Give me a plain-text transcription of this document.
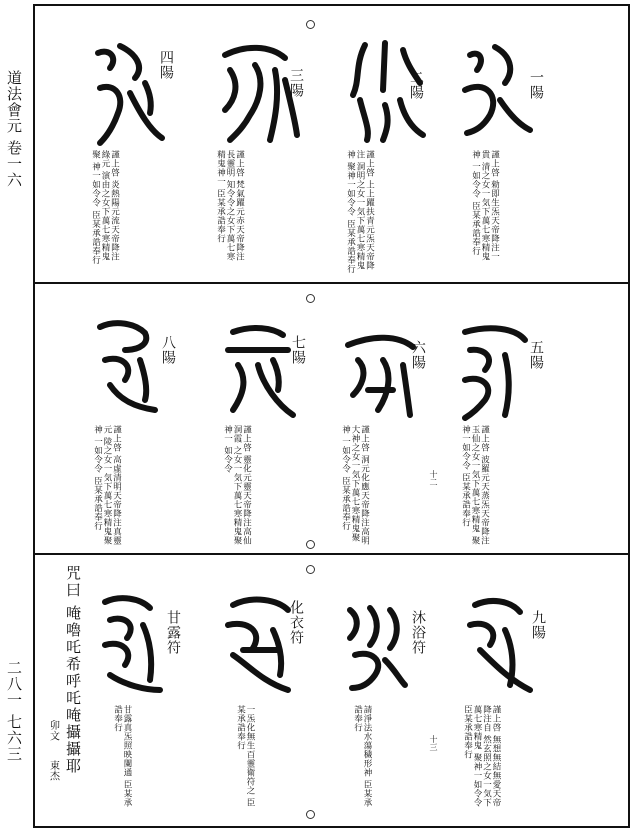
道法會元 卷一六
二八一 七六三
一陽
謹上啓 勑即生炁天帝降注一貴 清之女一気下萬七寒精鬼神 一如令令 臣某承誥奉行
二陽
謹上啓 上上躍扶青元炁天帝降注 洞明之女一気下萬七寒精鬼神 聚神一如令令 臣某承誥奉行
三陽
謹上啓 梵氣躍元赤天帝降注長靈明 知令令之女下萬七寒精鬼神一 臣某承誥奉行
四陽
謹上啓 炎熱陽元流天帝降注綠元 演由之女下萬七寒精鬼聚 神一如令令 臣某承誥奉行
五陽
謹上啓 波羅元天蒸炁天帝降注 玉仙之女一気下萬七寒精鬼 聚神一如令令 臣某承誥奉行
六陽
十二
謹上啓 洞元化應天帝降注高明 大神之女一気下萬七寒精鬼聚神 一如令令 臣某承誥奉行
七陽
謹上啓 靈化元靈天帝降注高仙洞霞 之女一気下萬七寒精鬼聚神一 如令令
八陽
謹上啓 高虛清明天帝降注真靈元 陵之女一気下萬七寒精鬼聚神 一如令令 臣某承誥奉行
九陽
謹上啓 無想無結無愛天帝降注自 然玄照之女一気下萬七寒精鬼 聚神一如令令 臣某承誥奉行
沐浴符
十三
請淨法水蕩穢形神 臣某承誥奉行
化衣符
一炁化無生百靈衛符之 臣某承誥奉行
甘露符
甘露真炁照映闌通 臣某承誥奉行
咒曰
唵嚕吒希呼吒唵攝攝耶
卯文
東杰
